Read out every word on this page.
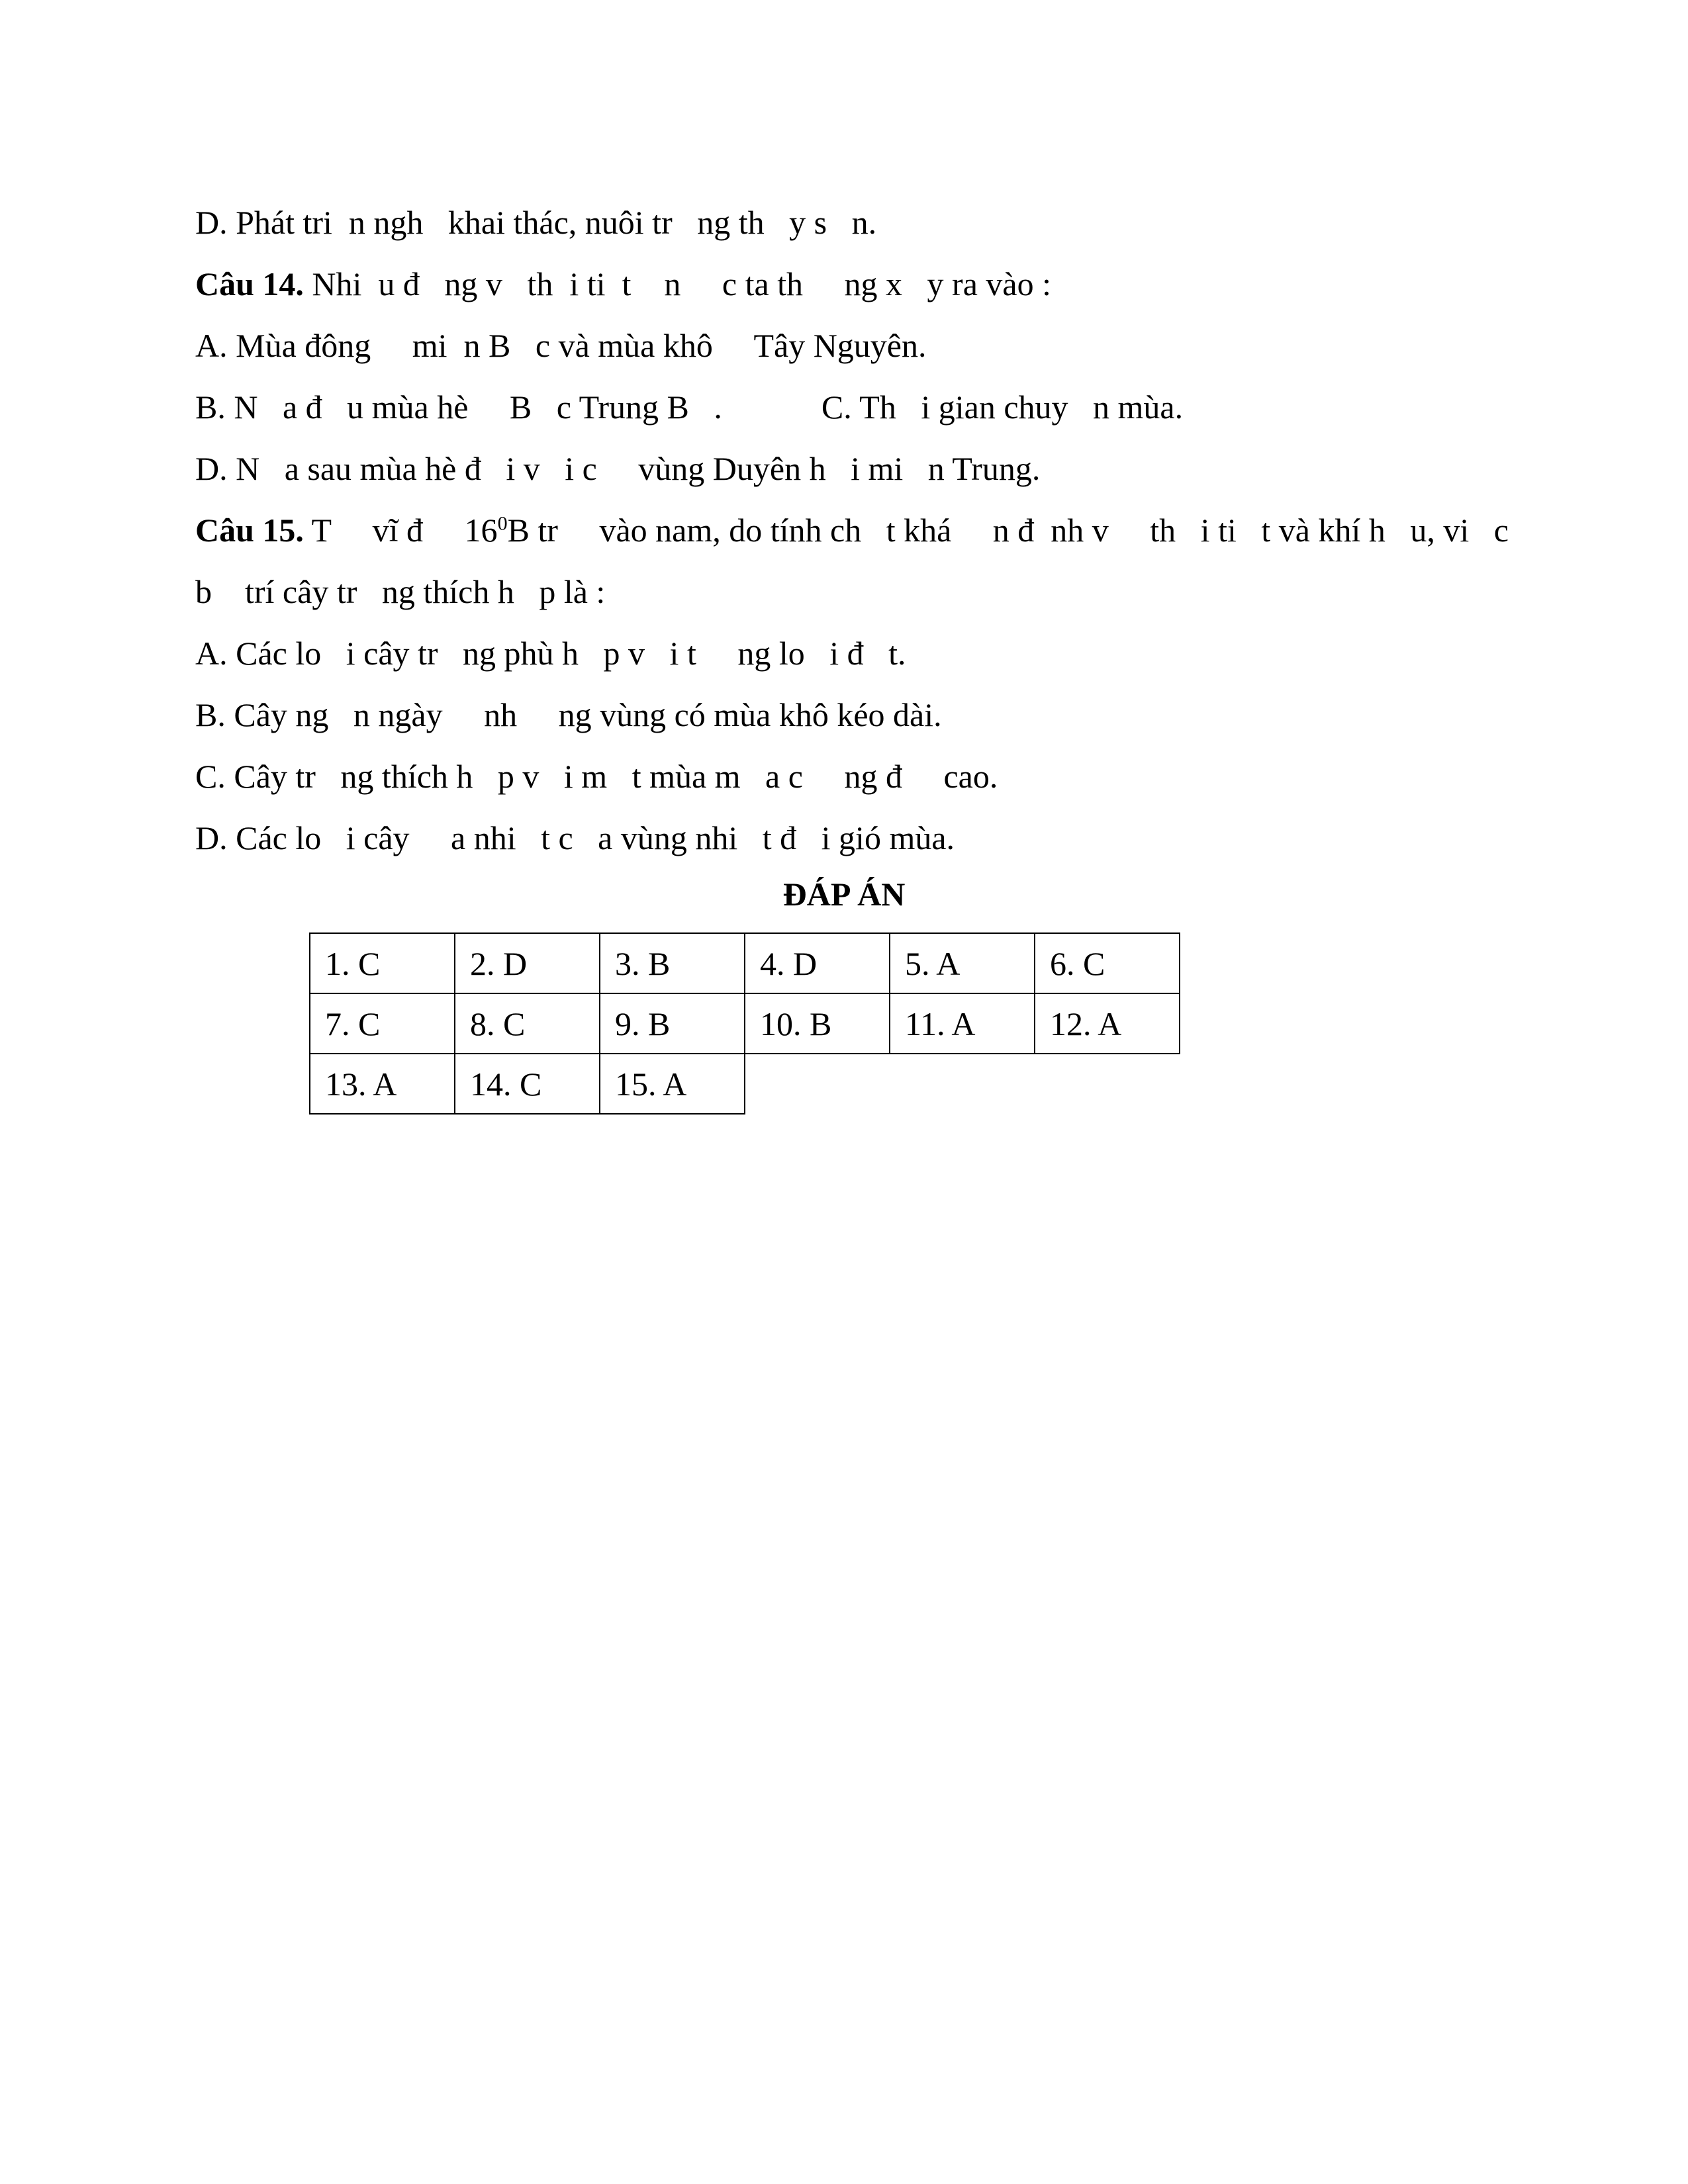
D. Phát tri  n ngh   khai thác, nuôi tr   ng th   y s   n.

Câu 14. Nhi  u đ   ng v   th  i ti  t    n     c ta th     ng x   y ra vào :

A. Mùa đông     mi  n B   c và mùa khô     Tây Nguyên.

B. N   a đ   u mùa hè     B   c Trung B   .	C. Th   i gian chuy   n mùa.

D. N   a sau mùa hè đ   i v   i c     vùng Duyên h   i mi   n Trung.

Câu 15. T     vĩ đ     $16^0B$ tr     vào nam, do tính ch   t khá     n đ  nh v     th   i ti   t và khí h   u, vi   c

b    trí cây tr   ng thích h   p là :

A. Các lo   i cây tr   ng phù h   p v   i t     ng lo   i đ   t.

B. Cây ng   n ngày     nh     ng vùng có mùa khô kéo dài.

C. Cây tr   ng thích h   p v   i m   t mùa m   a c     ng đ     cao.

D. Các lo   i cây     a nhi   t c   a vùng nhi   t đ   i gió mùa.

ĐÁP ÁN

1. C	2. D	3. B	4. D	5. A	6. C
7. C	8. C	9. B	10. B	11. A	12. A
13. A	14. C	15. A			
